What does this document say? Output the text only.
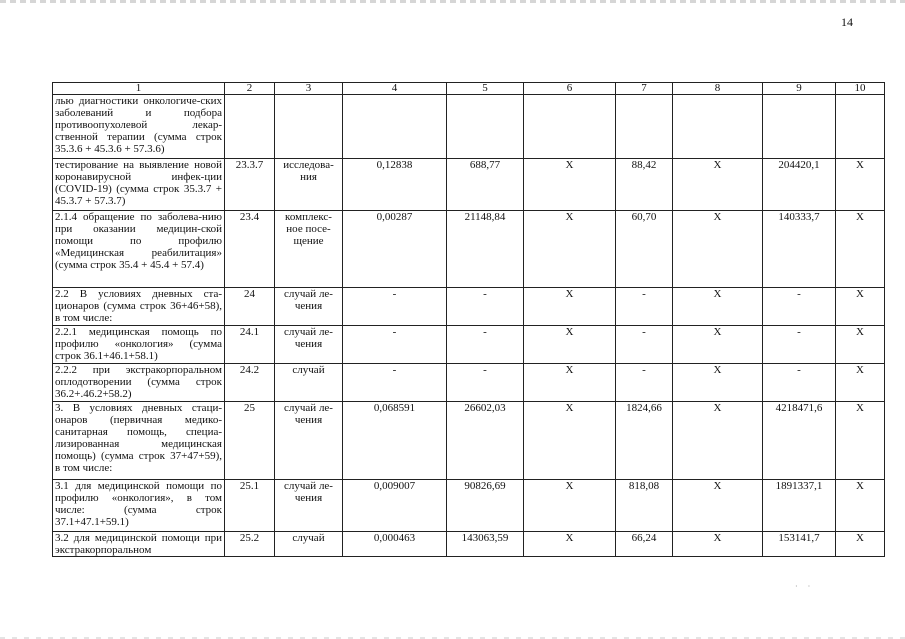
14
1	2	3	4	5	6	7	8	9	10
лью диагностики онкологиче-ских заболеваний и подбора противоопухолевой лекар-ственной терапии (сумма строк 35.3.6 + 45.3.6 + 57.3.6)									
тестирование на выявление новой коронавирусной инфек-ции (COVID-19) (сумма строк 35.3.7 + 45.3.7 + 57.3.7)	23.3.7	исследова-ния	0,12838	688,77	Х	88,42	Х	204420,1	Х
2.1.4 обращение по заболева-нию при оказании медицин-ской помощи по профилю «Медицинская реабилитация» (сумма строк 35.4 + 45.4 + 57.4)	23.4	комплекс-ное посе-щение	0,00287	21148,84	Х	60,70	Х	140333,7	Х
2.2 В условиях дневных ста-ционаров (сумма строк 36+46+58), в том числе:	24	случай ле-чения	-	-	Х	-	Х	-	Х
2.2.1 медицинская помощь по профилю «онкология» (сумма строк 36.1+46.1+58.1)	24.1	случай ле-чения	-	-	Х	-	Х	-	Х
2.2.2 при экстракорпоральном оплодотворении (сумма строк 36.2+.46.2+58.2)	24.2	случай	-	-	Х	-	Х	-	Х
3. В условиях дневных стаци-онаров (первичная медико-санитарная помощь, специа-лизированная медицинская помощь) (сумма строк 37+47+59), в том числе:	25	случай ле-чения	0,068591	26602,03	Х	1824,66	Х	4218471,6	Х
3.1 для медицинской помощи по профилю «онкология», в том числе: (сумма строк 37.1+47.1+59.1)	25.1	случай ле-чения	0,009007	90826,69	Х	818,08	Х	1891337,1	Х
3.2 для медицинской помощи при экстракорпоральном	25.2	случай	0,000463	143063,59	Х	66,24	Х	153141,7	Х
·     ·
